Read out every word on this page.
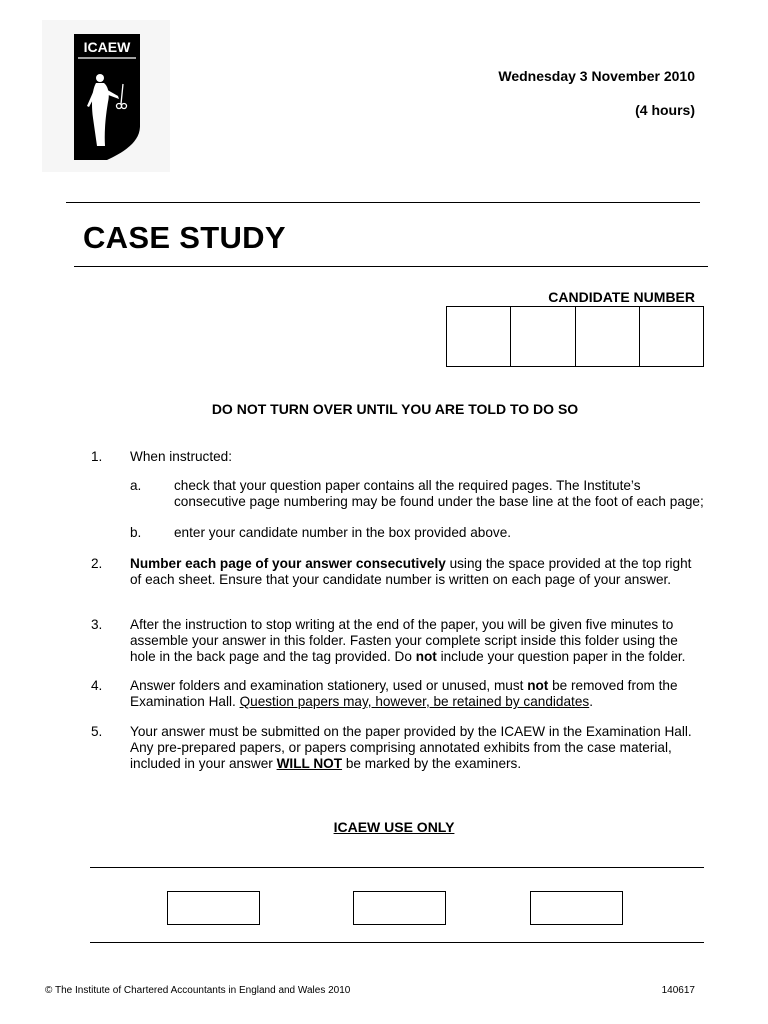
ICAEW
Wednesday 3 November 2010
(4 hours)
CASE STUDY
CANDIDATE NUMBER
DO NOT TURN OVER UNTIL YOU ARE TOLD TO DO SO
1. When instructed:
a. check that your question paper contains all the required pages. The Institute’s consecutive page numbering may be found under the base line at the foot of each page;
b. enter your candidate number in the box provided above.
2. Number each page of your answer consecutively using the space provided at the top right of each sheet. Ensure that your candidate number is written on each page of your answer.
3. After the instruction to stop writing at the end of the paper, you will be given five minutes to assemble your answer in this folder. Fasten your complete script inside this folder using the hole in the back page and the tag provided. Do not include your question paper in the folder.
4. Answer folders and examination stationery, used or unused, must not be removed from the Examination Hall. Question papers may, however, be retained by candidates.
5. Your answer must be submitted on the paper provided by the ICAEW in the Examination Hall. Any pre-prepared papers, or papers comprising annotated exhibits from the case material, included in your answer WILL NOT be marked by the examiners.
ICAEW USE ONLY
© The Institute of Chartered Accountants in England and Wales 2010	140617
